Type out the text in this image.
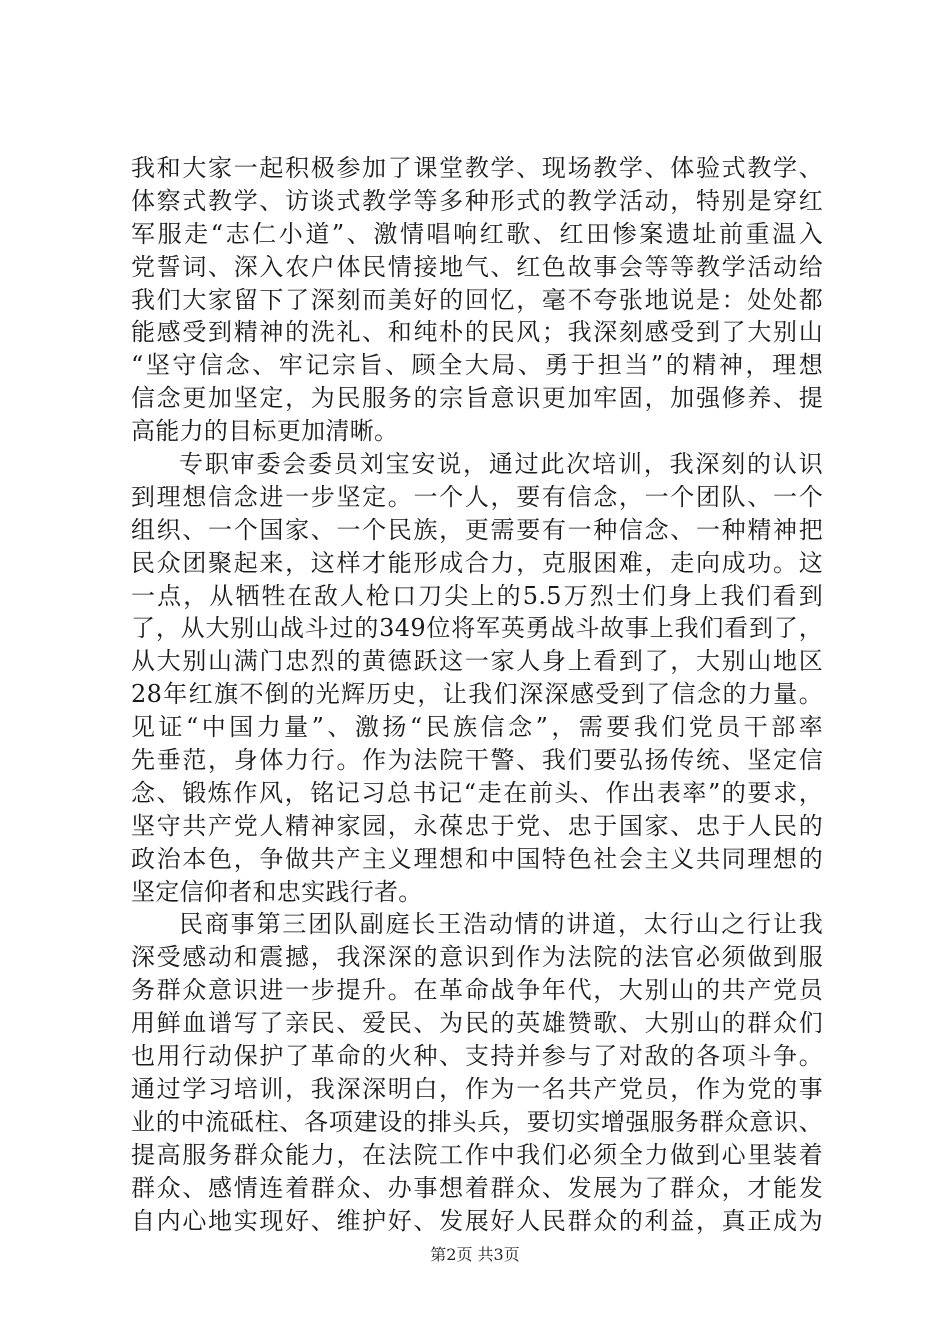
我和大家一起积极参加了课堂教学、现场教学、体验式教学、
体察式教学、访谈式教学等多种形式的教学活动，特别是穿红
军服走“志仁小道”、激情唱响红歌、红田惨案遗址前重温入
党誓词、深入农户体民情接地气、红色故事会等等教学活动给
我们大家留下了深刻而美好的回忆，毫不夸张地说是：处处都
能感受到精神的洗礼、和纯朴的民风；我深刻感受到了大别山
“坚守信念、牢记宗旨、顾全大局、勇于担当”的精神，理想
信念更加坚定，为民服务的宗旨意识更加牢固，加强修养、提
高能力的目标更加清晰。
专职审委会委员刘宝安说，通过此次培训，我深刻的认识
到理想信念进一步坚定。一个人，要有信念，一个团队、一个
组织、一个国家、一个民族，更需要有一种信念、一种精神把
民众团聚起来，这样才能形成合力，克服困难，走向成功。这
一点，从牺牲在敌人枪口刀尖上的5.5万烈士们身上我们看到
了，从大别山战斗过的349位将军英勇战斗故事上我们看到了，
从大别山满门忠烈的黄德跃这一家人身上看到了，大别山地区
28年红旗不倒的光辉历史，让我们深深感受到了信念的力量。
见证“中国力量”、激扬“民族信念”，需要我们党员干部率
先垂范，身体力行。作为法院干警、我们要弘扬传统、坚定信
念、锻炼作风，铭记习总书记“走在前头、作出表率”的要求，
坚守共产党人精神家园，永葆忠于党、忠于国家、忠于人民的
政治本色，争做共产主义理想和中国特色社会主义共同理想的
坚定信仰者和忠实践行者。
民商事第三团队副庭长王浩动情的讲道，太行山之行让我
深受感动和震撼，我深深的意识到作为法院的法官必须做到服
务群众意识进一步提升。在革命战争年代，大别山的共产党员
用鲜血谱写了亲民、爱民、为民的英雄赞歌、大别山的群众们
也用行动保护了革命的火种、支持并参与了对敌的各项斗争。
通过学习培训，我深深明白，作为一名共产党员，作为党的事
业的中流砥柱、各项建设的排头兵，要切实增强服务群众意识、
提高服务群众能力，在法院工作中我们必须全力做到心里装着
群众、感情连着群众、办事想着群众、发展为了群众，才能发
自内心地实现好、维护好、发展好人民群众的利益，真正成为
第2页 共3页
